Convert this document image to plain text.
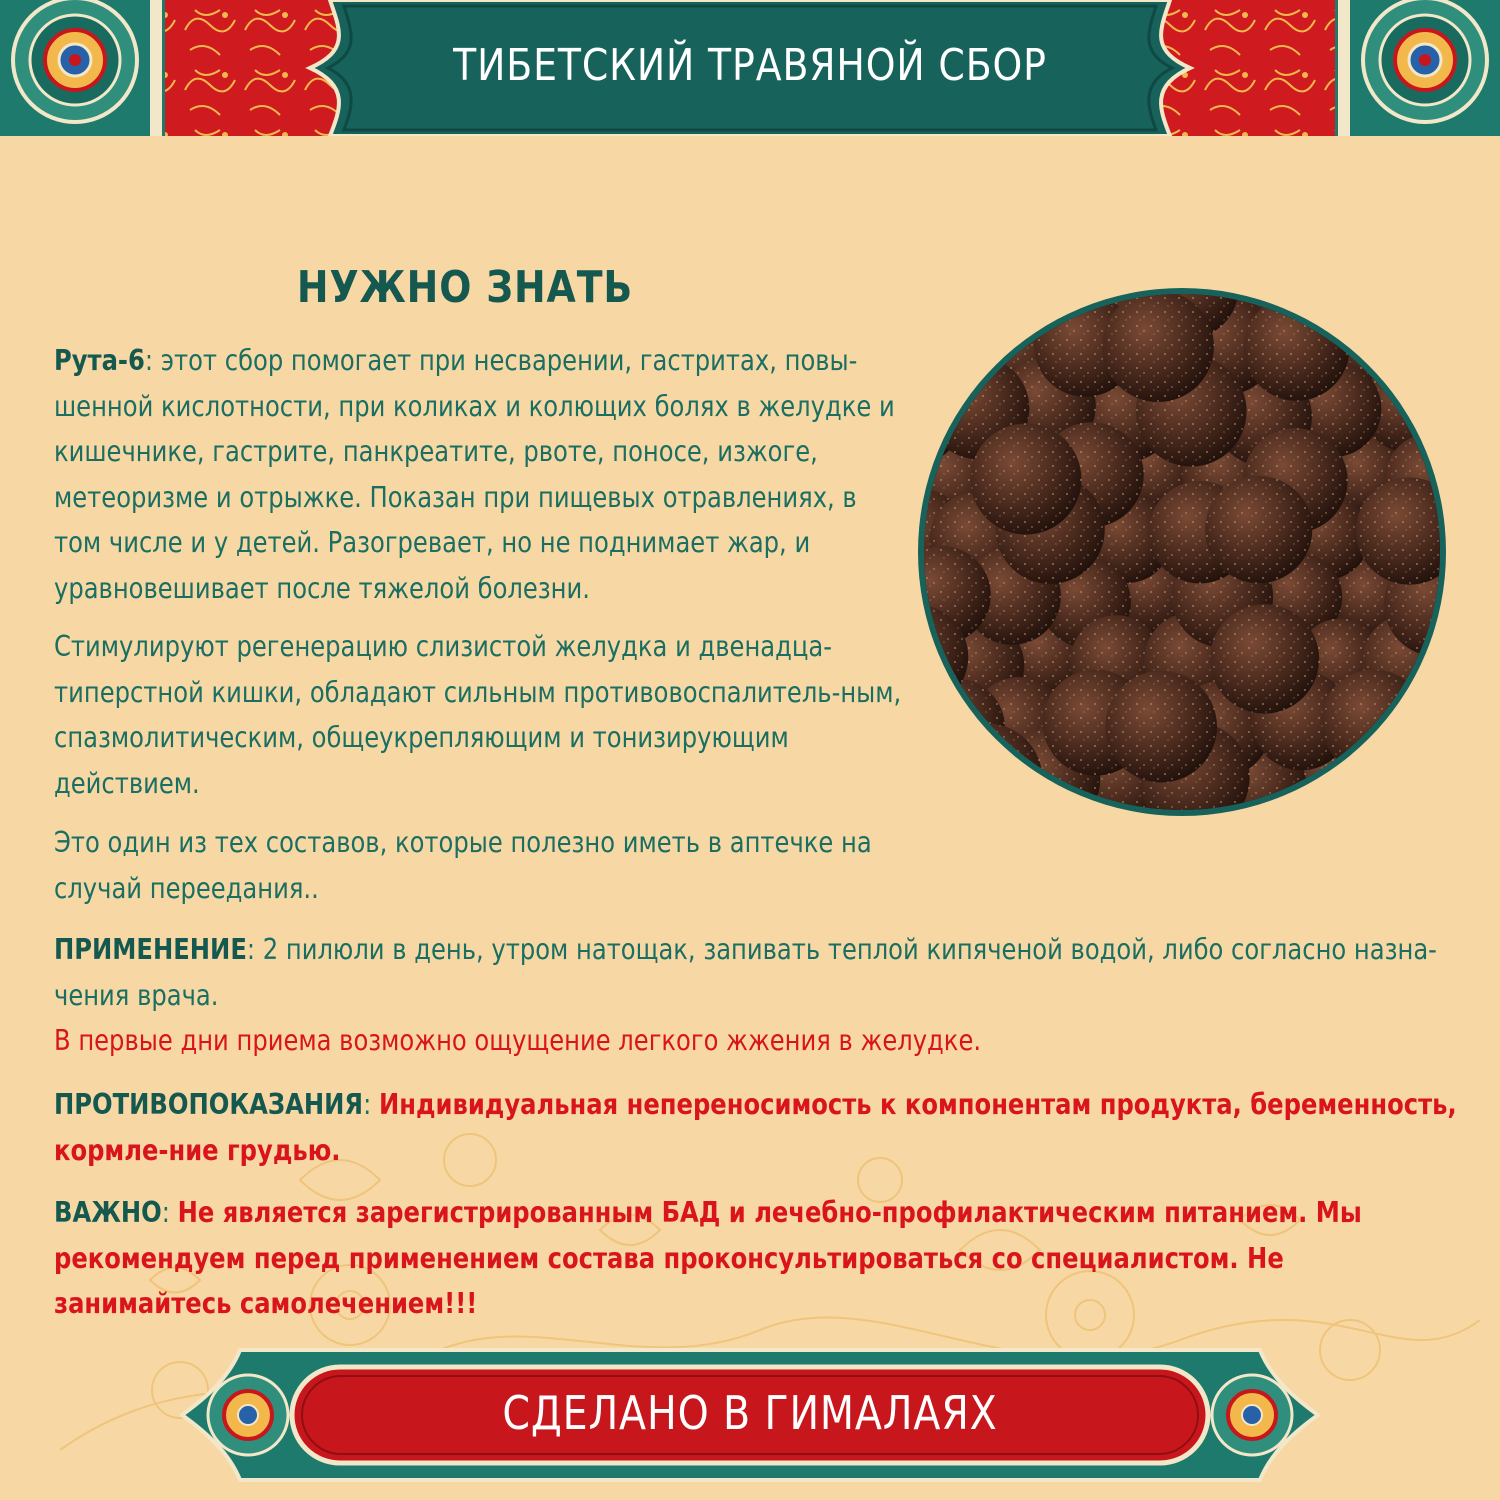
ТИБЕТСКИЙ ТРАВЯНОЙ СБОР
НУЖНО ЗНАТЬ
Рута-6: этот сбор помогает при несварении, гастритах, повы-шенной кислотности, при коликах и колющих болях в желудке и кишечнике, гастрите, панкреатите, рвоте, поносе, изжоге, метеоризме и отрыжке. Показан при пищевых отравлениях, в том числе и у детей. Разогревает, но не поднимает жар, и уравновешивает после тяжелой болезни.
Стимулируют регенерацию слизистой желудка и двенадца-типерстной кишки, обладают сильным противовоспалитель-ным, спазмолитическим, общеукрепляющим и тонизирующим действием.
Это один из тех составов, которые полезно иметь в аптечке на случай переедания..
ПРИМЕНЕНИЕ: 2 пилюли в день, утром натощак, запивать теплой кипяченой водой, либо согласно назна-чения врача.
В первые дни приема возможно ощущение легкого жжения в желудке.
ПРОТИВОПОКАЗАНИЯ: Индивидуальная непереносимость к компонентам продукта, беременность, кормле-ние грудью.
ВАЖНО: Не является зарегистрированным БАД и лечебно-профилактическим питанием. Мы рекомендуем перед применением состава проконсультироваться со специалистом. Не занимайтесь самолечением!!!
СДЕЛАНО В ГИМАЛАЯХ
